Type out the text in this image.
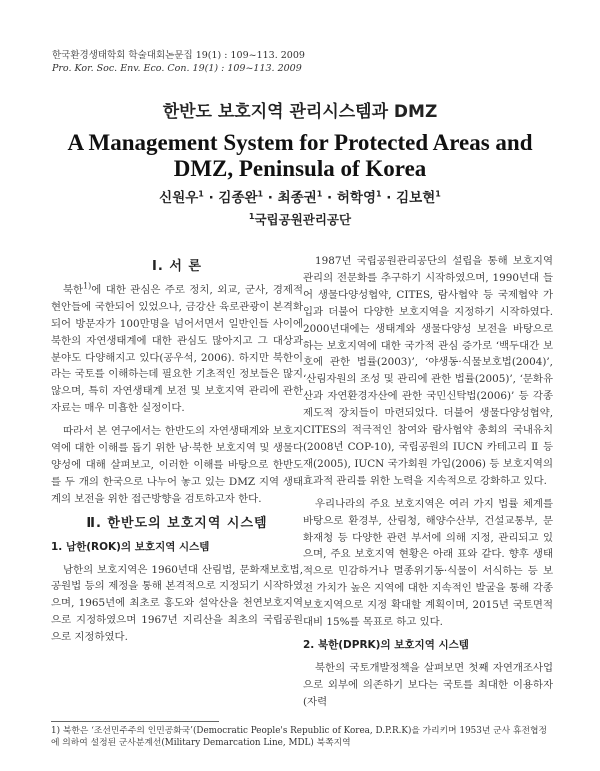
한국환경생태학회 학술대회논문집 19(1) : 109~113. 2009
Pro. Kor. Soc. Env. Eco. Con. 19(1) : 109~113. 2009
한반도 보호지역 관리시스템과 DMZ
A Management System for Protected Areas and DMZ, Peninsula of Korea
신원우$^1$ · 김종완$^1$ · 최종권$^1$ · 허학영$^1$ · 김보현$^1$
$^1$국립공원관리공단
Ⅰ. 서 론

북한$^{1)}$에 대한 관심은 주로 정치, 외교, 군사, 경제적 현안들에 국한되어 있었으나, 금강산 육로관광이 본격화되어 방문자가 100만명을 넘어서면서 일반인들 사이에 북한의 자연생태계에 대한 관심도 많아지고 그 대상과 분야도 다양해지고 있다(공우석, 2006). 하지만 북한이라는 국토를 이해하는데 필요한 기초적인 정보들은 많지 않으며, 특히 자연생태계 보전 및 보호지역 관리에 관한 자료는 매우 미흡한 실정이다.

따라서 본 연구에서는 한반도의 자연생태계와 보호지역에 대한 이해를 돕기 위한 남·북한 보호지역 및 생물다양성에 대해 살펴보고, 이러한 이해를 바탕으로 한반도를 두 개의 한국으로 나누어 놓고 있는 DMZ 지역 생태계의 보전을 위한 접근방향을 검토하고자 한다.

Ⅱ. 한반도의 보호지역 시스템
1. 남한(ROK)의 보호지역 시스템

남한의 보호지역은 1960년대 산림법, 문화재보호법, 공원법 등의 제정을 통해 본격적으로 지정되기 시작하였으며, 1965년에 최초로 홍도와 설악산을 천연보호지역으로 지정하였으며 1967년 지리산을 최초의 국립공원으로 지정하였다.

1987년 국립공원관리공단의 설립을 통해 보호지역 관리의 전문화를 추구하기 시작하였으며, 1990년대 들어 생물다양성협약, CITES, 람사협약 등 국제협약 가입과 더불어 다양한 보호지역을 지정하기 시작하였다. 2000년대에는 생태계와 생물다양성 보전을 바탕으로 하는 보호지역에 대한 국가적 관심 증가로 ‘백두대간 보호에 관한 법률(2003)’, ‘야생동·식물보호법(2004)’, ‘산림자원의 조성 및 관리에 관한 법률(2005)’, ‘문화유산과 자연환경자산에 관한 국민신탁법(2006)’ 등 각종 제도적 장치들이 마련되었다. 더불어 생물다양성협약, CITES의 적극적인 참여와 람사협약 총회의 국내유치(2008년 COP-10), 국립공원의 IUCN 카테고리 Ⅱ 등재(2005), IUCN 국가회원 가입(2006) 등 보호지역의 효과적 관리를 위한 노력을 지속적으로 강화하고 있다.

우리나라의 주요 보호지역은 여러 가지 법률 체계를 바탕으로 환경부, 산림청, 해양수산부, 건설교통부, 문화재청 등 다양한 관련 부서에 의해 지정, 관리되고 있으며, 주요 보호지역 현황은 아래 표와 같다. 향후 생태적으로 민감하거나 멸종위기동·식물이 서식하는 등 보전 가치가 높은 지역에 대한 지속적인 발굴을 통해 각종 보호지역으로 지정 확대할 계획이며, 2015년 국토면적 대비 15%를 목표로 하고 있다.

2. 북한(DPRK)의 보호지역 시스템

북한의 국토개발정책을 살펴보면 첫째 자연개조사업으로 외부에 의존하기 보다는 국토를 최대한 이용하자(자력

1) 북한은 ‘조선민주주의 인민공화국’(Democratic People's Republic of Korea, D.P.R.K)을 가리키며 1953년 군사 휴전협정에 의하여 설정된 군사분계선(Military Demarcation Line, MDL) 북쪽지역
